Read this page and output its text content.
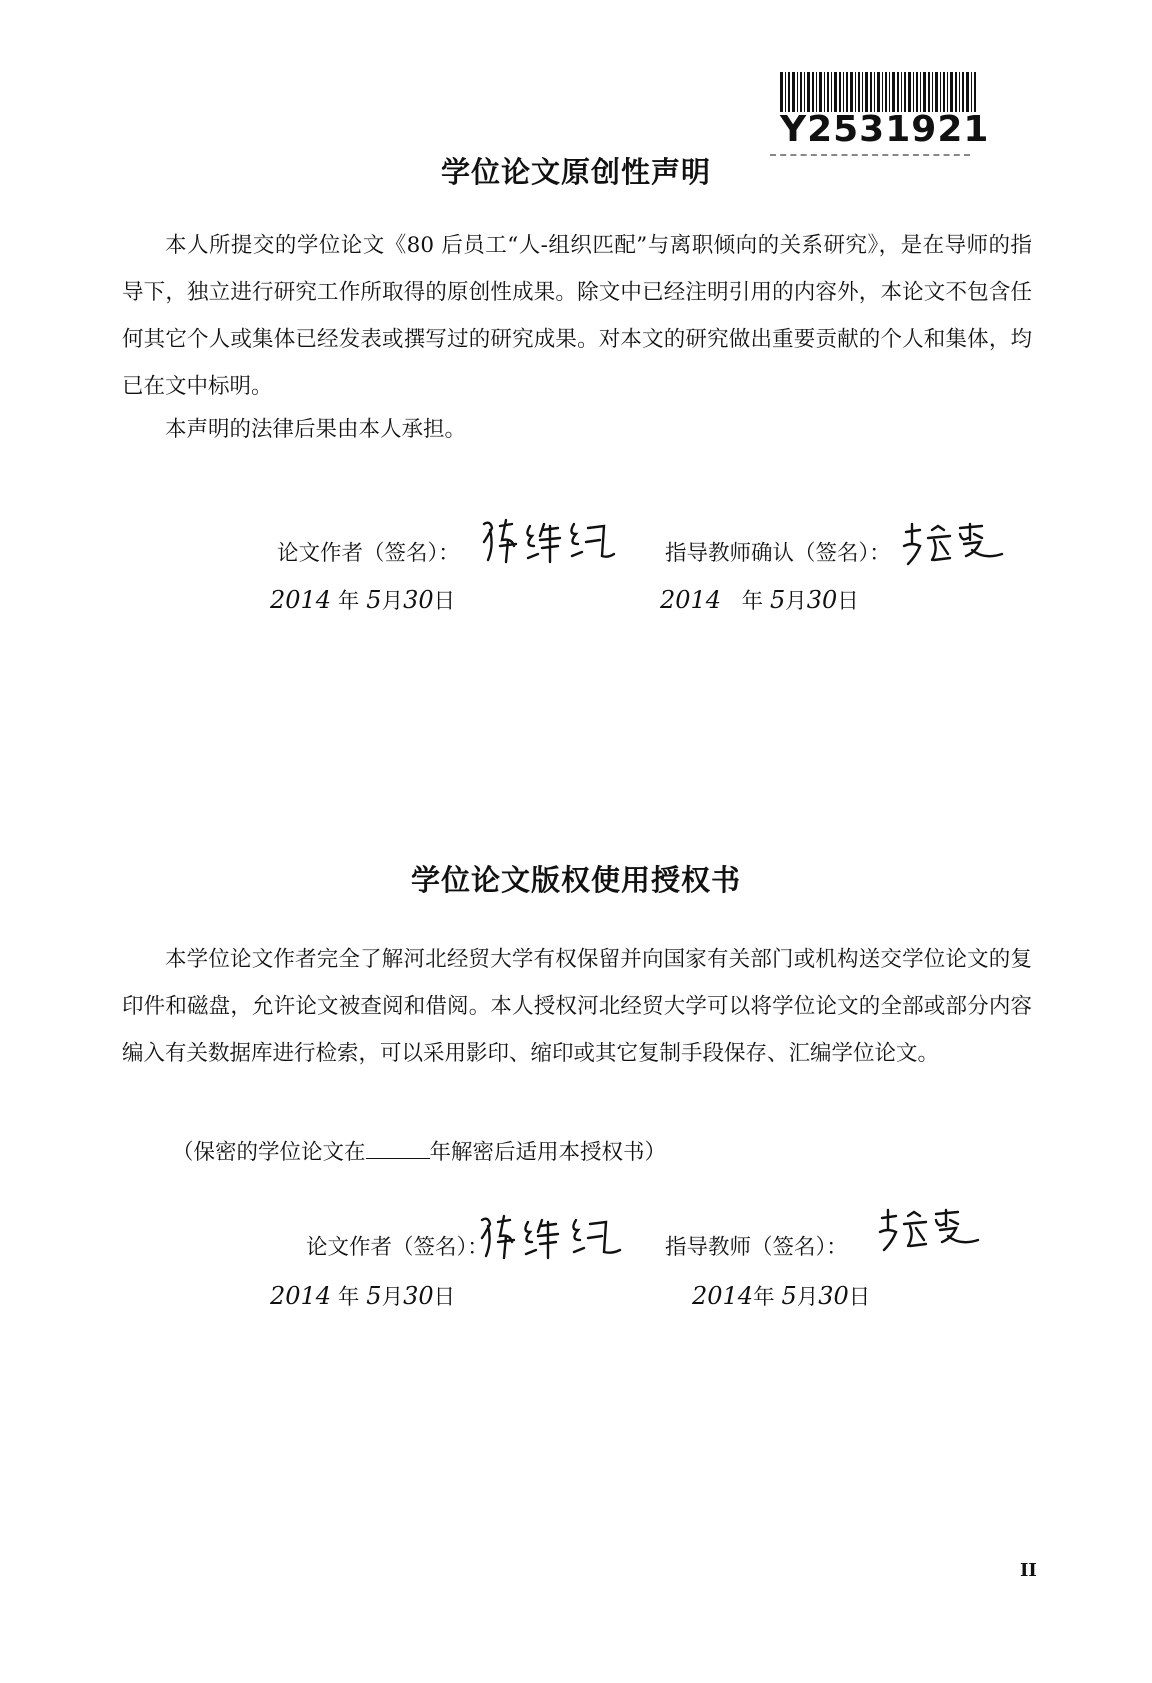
Y2531921
学位论文原创性声明

本人所提交的学位论文《80 后员工“人-组织匹配”与离职倾向的关系研究》，是在导师的指导下，独立进行研究工作所取得的原创性成果。除文中已经注明引用的内容外，本论文不包含任何其它个人或集体已经发表或撰写过的研究成果。对本文的研究做出重要贡献的个人和集体，均已在文中标明。

本声明的法律后果由本人承担。

论文作者（签名）：	指导教师确认（签名）：
2014 年 5月30日	2014 年 5月30日
学位论文版权使用授权书

本学位论文作者完全了解河北经贸大学有权保留并向国家有关部门或机构送交学位论文的复印件和磁盘，允许论文被查阅和借阅。本人授权河北经贸大学可以将学位论文的全部或部分内容编入有关数据库进行检索，可以采用影印、缩印或其它复制手段保存、汇编学位论文。

（保密的学位论文在	年解密后适用本授权书）
论文作者（签名）：	指导教师（签名）：
2014 年 5月30日	2014年 5月30日
II
